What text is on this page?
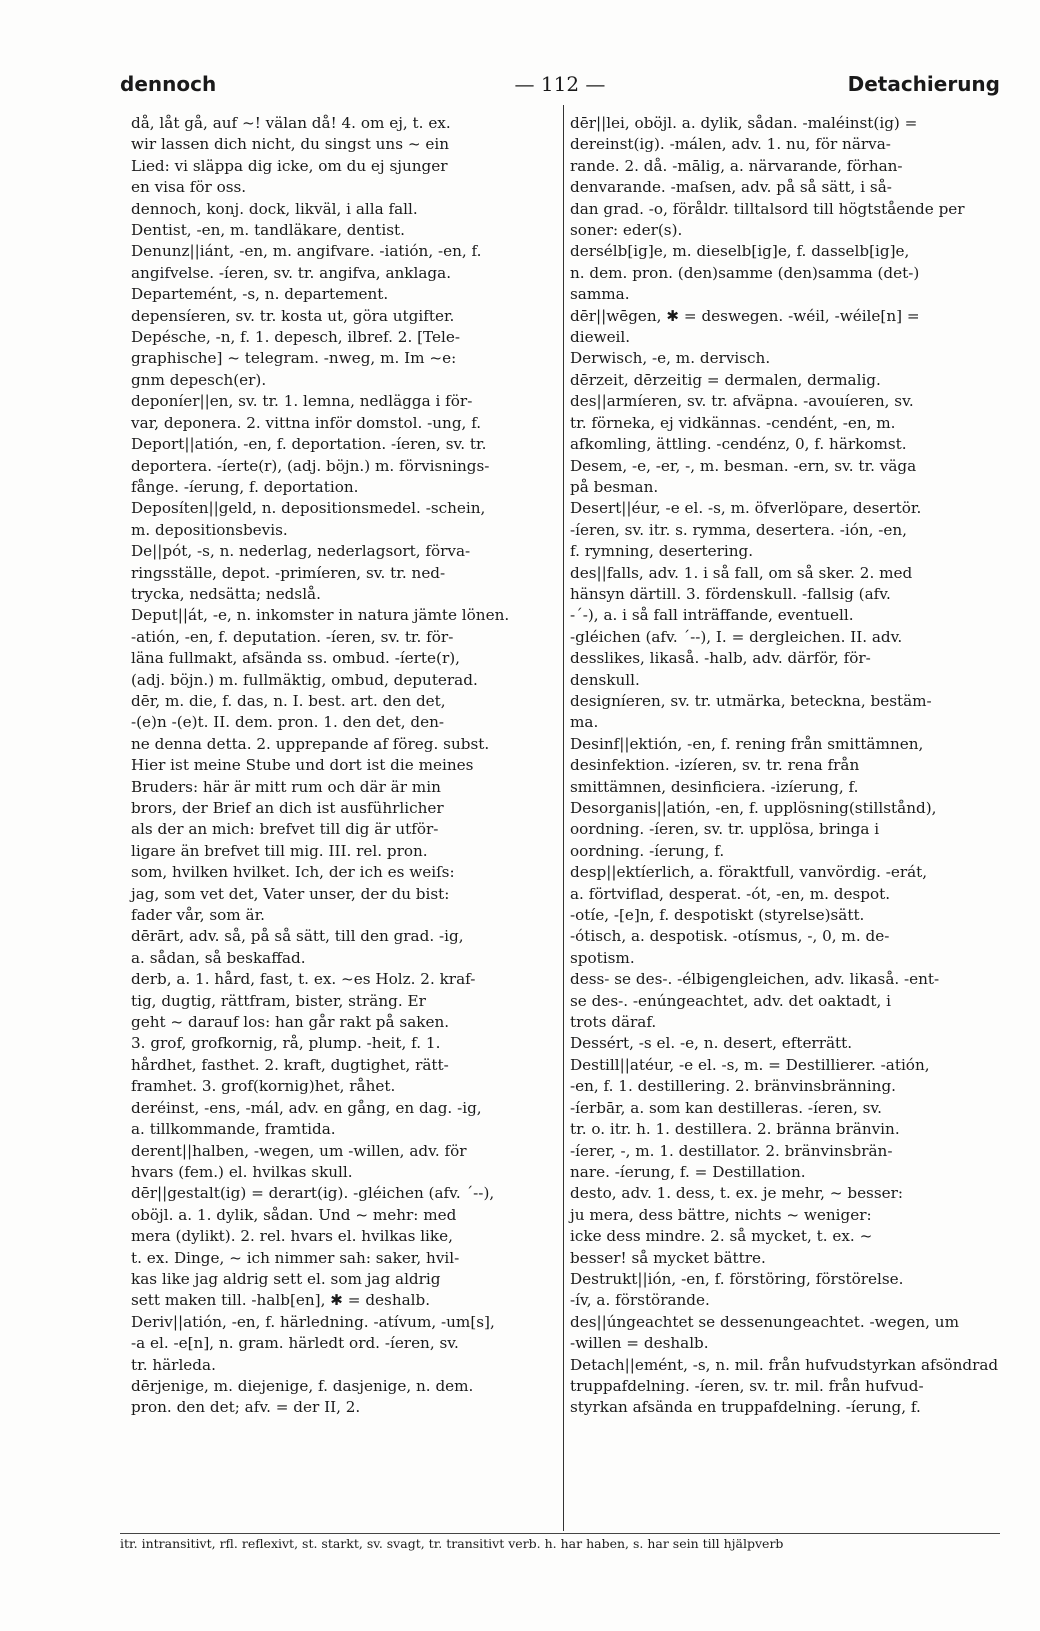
dennoch	— 112 —	Detachierung

då, låt gå, auf ~! välan då! 4. om ej, t. ex.

wir lassen dich nicht, du singst uns ~ ein

Lied: vi släppa dig icke, om du ej sjunger

en visa för oss.

dennoch, konj. dock, likväl, i alla fall.

Dentist, -en, m. tandläkare, dentist.

Denunz||iánt, -en, m. angifvare. -iatión, -en, f.

angifvelse. -íeren, sv. tr. angifva, anklaga.

Departemént, -s, n. departement.

depensíeren, sv. tr. kosta ut, göra utgifter.

Depésche, -n, f. 1. depesch, ilbref. 2. [Tele-

graphische] ~ telegram. -nweg, m. Im ~e:

gnm depesch(er).

deponíer||en, sv. tr. 1. lemna, nedlägga i för-

var, deponera. 2. vittna inför domstol. -ung, f.

Deport||atión, -en, f. deportation. -íeren, sv. tr.

deportera. -íerte(r), (adj. böjn.) m. förvisnings-

fånge. -íerung, f. deportation.

Deposíten||geld, n. depositionsmedel. -schein,

m. depositionsbevis.

De||pót, -s, n. nederlag, nederlagsort, förva-

ringsställe, depot. -primíeren, sv. tr. ned-

trycka, nedsätta; nedslå.

Deput||át, -e, n. inkomster in natura jämte lönen.

-atión, -en, f. deputation. -íeren, sv. tr. för-

läna fullmakt, afsända ss. ombud. -íerte(r),

(adj. böjn.) m. fullmäktig, ombud, deputerad.

dēr, m. die, f. das, n. I. best. art. den det,

-(e)n -(e)t. II. dem. pron. 1. den det, den-

ne denna detta. 2. upprepande af föreg. subst.

Hier ist meine Stube und dort ist die meines

Bruders: här är mitt rum och där är min

brors, der Brief an dich ist ausführlicher

als der an mich: brefvet till dig är utför-

ligare än brefvet till mig. III. rel. pron.

som, hvilken hvilket. Ich, der ich es weiſs:

jag, som vet det, Vater unser, der du bist:

fader vår, som är.

dērārt, adv. så, på så sätt, till den grad. -ig,

a. sådan, så beskaffad.

derb, a. 1. hård, fast, t. ex. ~es Holz. 2. kraf-

tig, dugtig, rättfram, bister, sträng. Er

geht ~ darauf los: han går rakt på saken.

3. grof, grofkornig, rå, plump. -heit, f. 1.

hårdhet, fasthet. 2. kraft, dugtighet, rätt-

framhet. 3. grof(kornig)het, råhet.

deréinst, -ens, -mál, adv. en gång, en dag. -ig,

a. tillkommande, framtida.

derent||halben, -wegen, um -willen, adv. för

hvars (fem.) el. hvilkas skull.

dēr||gestalt(ig) = derart(ig). -gléichen (afv. ´--),

oböjl. a. 1. dylik, sådan. Und ~ mehr: med

mera (dylikt). 2. rel. hvars el. hvilkas like,

t. ex. Dinge, ~ ich nimmer sah: saker, hvil-

kas like jag aldrig sett el. som jag aldrig

sett maken till. -halb[en], ✱ = deshalb.

Deriv||atión, -en, f. härledning. -atívum, -um[s],

-a el. -e[n], n. gram. härledt ord. -íeren, sv.

tr. härleda.

dērjenige, m. diejenige, f. dasjenige, n. dem.

pron. den det; afv. = der II, 2.

dēr||lei, oböjl. a. dylik, sådan. -maléinst(ig) =

dereinst(ig). -málen, adv. 1. nu, för närva-

rande. 2. då. -mālig, a. närvarande, förhan-

denvarande. -maſsen, adv. på så sätt, i så-

dan grad. -o, föråldr. tilltalsord till högtstående per

soner: eder(s).

dersélb[ig]e, m. dieselb[ig]e, f. dasselb[ig]e,

n. dem. pron. (den)samme (den)samma (det-)

samma.

dēr||wēgen, ✱ = deswegen. -wéil, -wéile[n] =

dieweil.

Derwisch, -e, m. dervisch.

dērzeit, dērzeitig = dermalen, dermalig.

des||armíeren, sv. tr. afväpna. -avouíeren, sv.

tr. förneka, ej vidkännas. -cendént, -en, m.

afkomling, ättling. -cendénz, 0, f. härkomst.

Desem, -e, -er, -, m. besman. -ern, sv. tr. väga

på besman.

Desert||éur, -e el. -s, m. öfverlöpare, desertör.

-íeren, sv. itr. s. rymma, desertera. -ión, -en,

f. rymning, desertering.

des||falls, adv. 1. i så fall, om så sker. 2. med

hänsyn därtill. 3. fördenskull. -fallsig (afv.

-´-), a. i så fall inträffande, eventuell.

-gléichen (afv. ´--), I. = dergleichen. II. adv.

desslikes, likaså. -halb, adv. därför, för-

denskull.

designíeren, sv. tr. utmärka, beteckna, bestäm-

ma.

Desinf||ektión, -en, f. rening från smittämnen,

desinfektion. -izíeren, sv. tr. rena från

smittämnen, desinficiera. -izíerung, f.

Desorganis||atión, -en, f. upplösning(stillstånd),

oordning. -íeren, sv. tr. upplösa, bringa i

oordning. -íerung, f.

desp||ektíerlich, a. föraktfull, vanvördig. -erát,

a. förtviflad, desperat. -ót, -en, m. despot.

-otíe, -[e]n, f. despotiskt (styrelse)sätt.

-ótisch, a. despotisk. -otísmus, -, 0, m. de-

spotism.

dess- se des-. -élbigengleichen, adv. likaså. -ent-

se des-. -enúngeachtet, adv. det oaktadt, i

trots däraf.

Dessért, -s el. -e, n. desert, efterrätt.

Destill||atéur, -e el. -s, m. = Destillierer. -atión,

-en, f. 1. destillering. 2. bränvinsbränning.

-íerbār, a. som kan destilleras. -íeren, sv.

tr. o. itr. h. 1. destillera. 2. bränna bränvin.

-íerer, -, m. 1. destillator. 2. bränvinsbrän-

nare. -íerung, f. = Destillation.

desto, adv. 1. dess, t. ex. je mehr, ~ besser:

ju mera, dess bättre, nichts ~ weniger:

icke dess mindre. 2. så mycket, t. ex. ~

besser! så mycket bättre.

Destrukt||ión, -en, f. förstöring, förstörelse.

-ív, a. förstörande.

des||úngeachtet se dessenungeachtet. -wegen, um

-willen = deshalb.

Detach||emént, -s, n. mil. från hufvudstyrkan afsöndrad

truppafdelning. -íeren, sv. tr. mil. från hufvud-

styrkan afsända en truppafdelning. -íerung, f.

itr. intransitivt, rfl. reflexivt, st. starkt, sv. svagt, tr. transitivt verb. h. har haben, s. har sein till hjälpverb
